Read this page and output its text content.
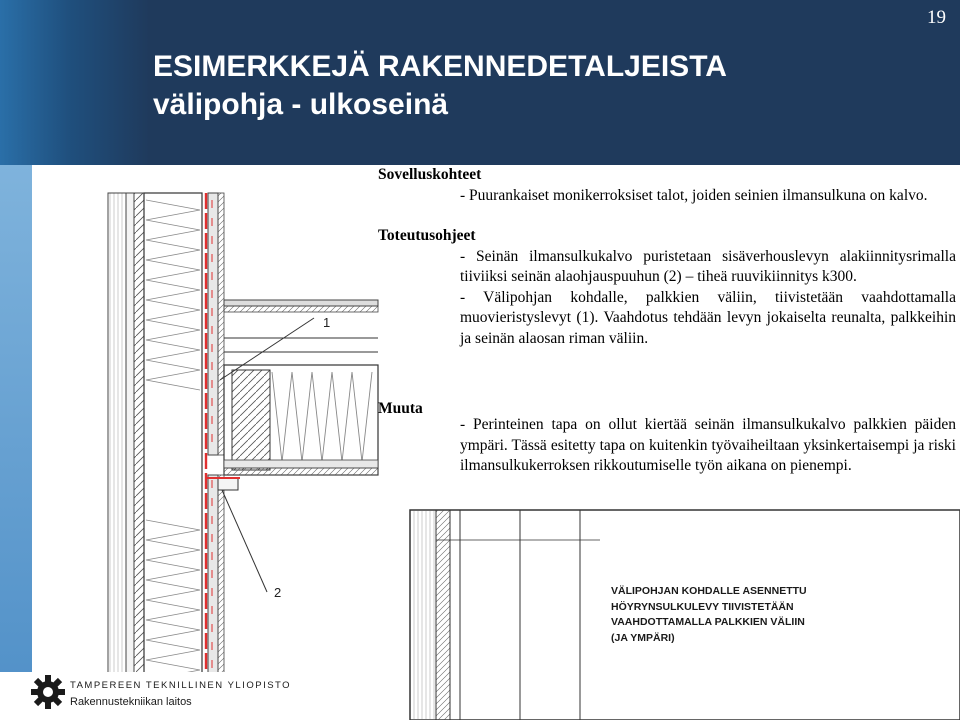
19
ESIMERKKEJÄ RAKENNEDETALJEISTA
välipohja - ulkoseinä
1
2

Sovelluskohteet

- Puurankaiset monikerroksiset talot, joiden seinien ilmansulkuna on kalvo.

Toteutusohjeet

- Seinän ilmansulkukalvo puristetaan sisäverhouslevyn alakiinnitysrimalla tiiviiksi seinän alaohjauspuuhun (2) – tiheä ruuvikiinnitys k300.

- Välipohjan kohdalle, palkkien väliin, tiivistetään vaahdottamalla muovieristyslevyt (1). Vaahdotus tehdään levyn jokaiselta reunalta, palkkeihin ja seinän alaosan riman väliin.

Muuta

- Perinteinen tapa on ollut kiertää seinän ilmansulkukalvo palkkien päiden ympäri. Tässä esitetty tapa on kuitenkin työvaiheiltaan yksinkertaisempi ja riski ilmansulkukerroksen rikkoutumiselle työn aikana on pienempi.

VÄLIPOHJAN KOHDALLE ASENNETTU
HÖYRYNSULKULEVY TIIVISTETÄÄN
VAAHDOTTAMALLA PALKKIEN VÄLIIN
(JA YMPÄRI)
TAMPEREEN TEKNILLINEN YLIOPISTO
Rakennustekniikan laitos
